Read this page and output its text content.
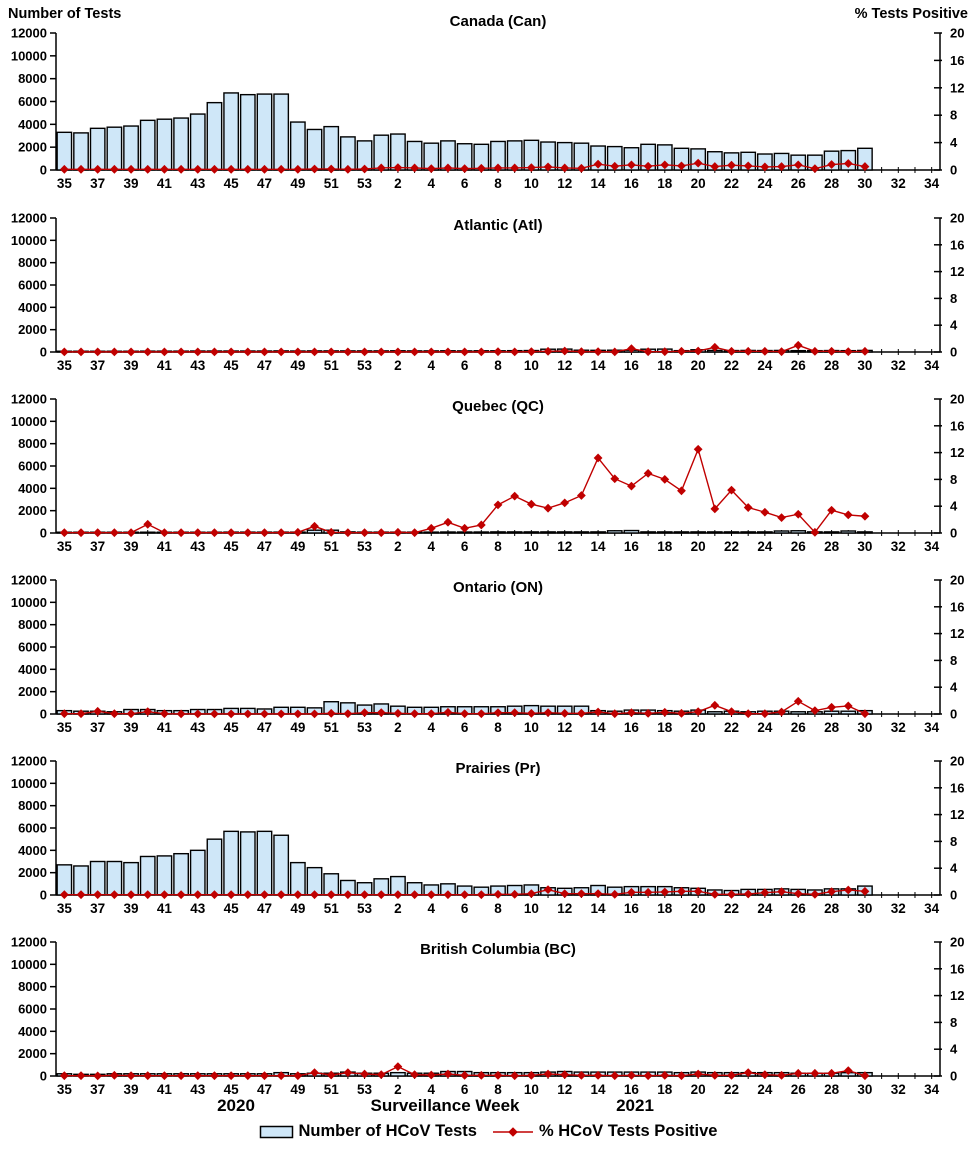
Number of Tests	% Tests Positive
Canada (Can)
0
2000
4000
6000
8000
10000
12000
0
4
8
12
16
20
35 37 39 41 43 45 47 49 51 53 2 4 6 8 10 12 14 16 18 20 22 24 26 28 30 32 34
Atlantic (Atl)
0
2000
4000
6000
8000
10000
12000
0
4
8
12
16
20
35 37 39 41 43 45 47 49 51 53 2 4 6 8 10 12 14 16 18 20 22 24 26 28 30 32 34
Quebec (QC)
0
2000
4000
6000
8000
10000
12000
0
4
8
12
16
20
35 37 39 41 43 45 47 49 51 53 2 4 6 8 10 12 14 16 18 20 22 24 26 28 30 32 34
Ontario (ON)
0
2000
4000
6000
8000
10000
12000
0
4
8
12
16
20
35 37 39 41 43 45 47 49 51 53 2 4 6 8 10 12 14 16 18 20 22 24 26 28 30 32 34
Prairies (Pr)
0
2000
4000
6000
8000
10000
12000
0
4
8
12
16
20
35 37 39 41 43 45 47 49 51 53 2 4 6 8 10 12 14 16 18 20 22 24 26 28 30 32 34
British Columbia (BC)
0
2000
4000
6000
8000
10000
12000
0
4
8
12
16
20
35 37 39 41 43 45 47 49 51 53 2 4 6 8 10 12 14 16 18 20 22 24 26 28 30 32 34
2020	Surveillance Week	2021
Number of HCoV Tests	% HCoV Tests Positive
